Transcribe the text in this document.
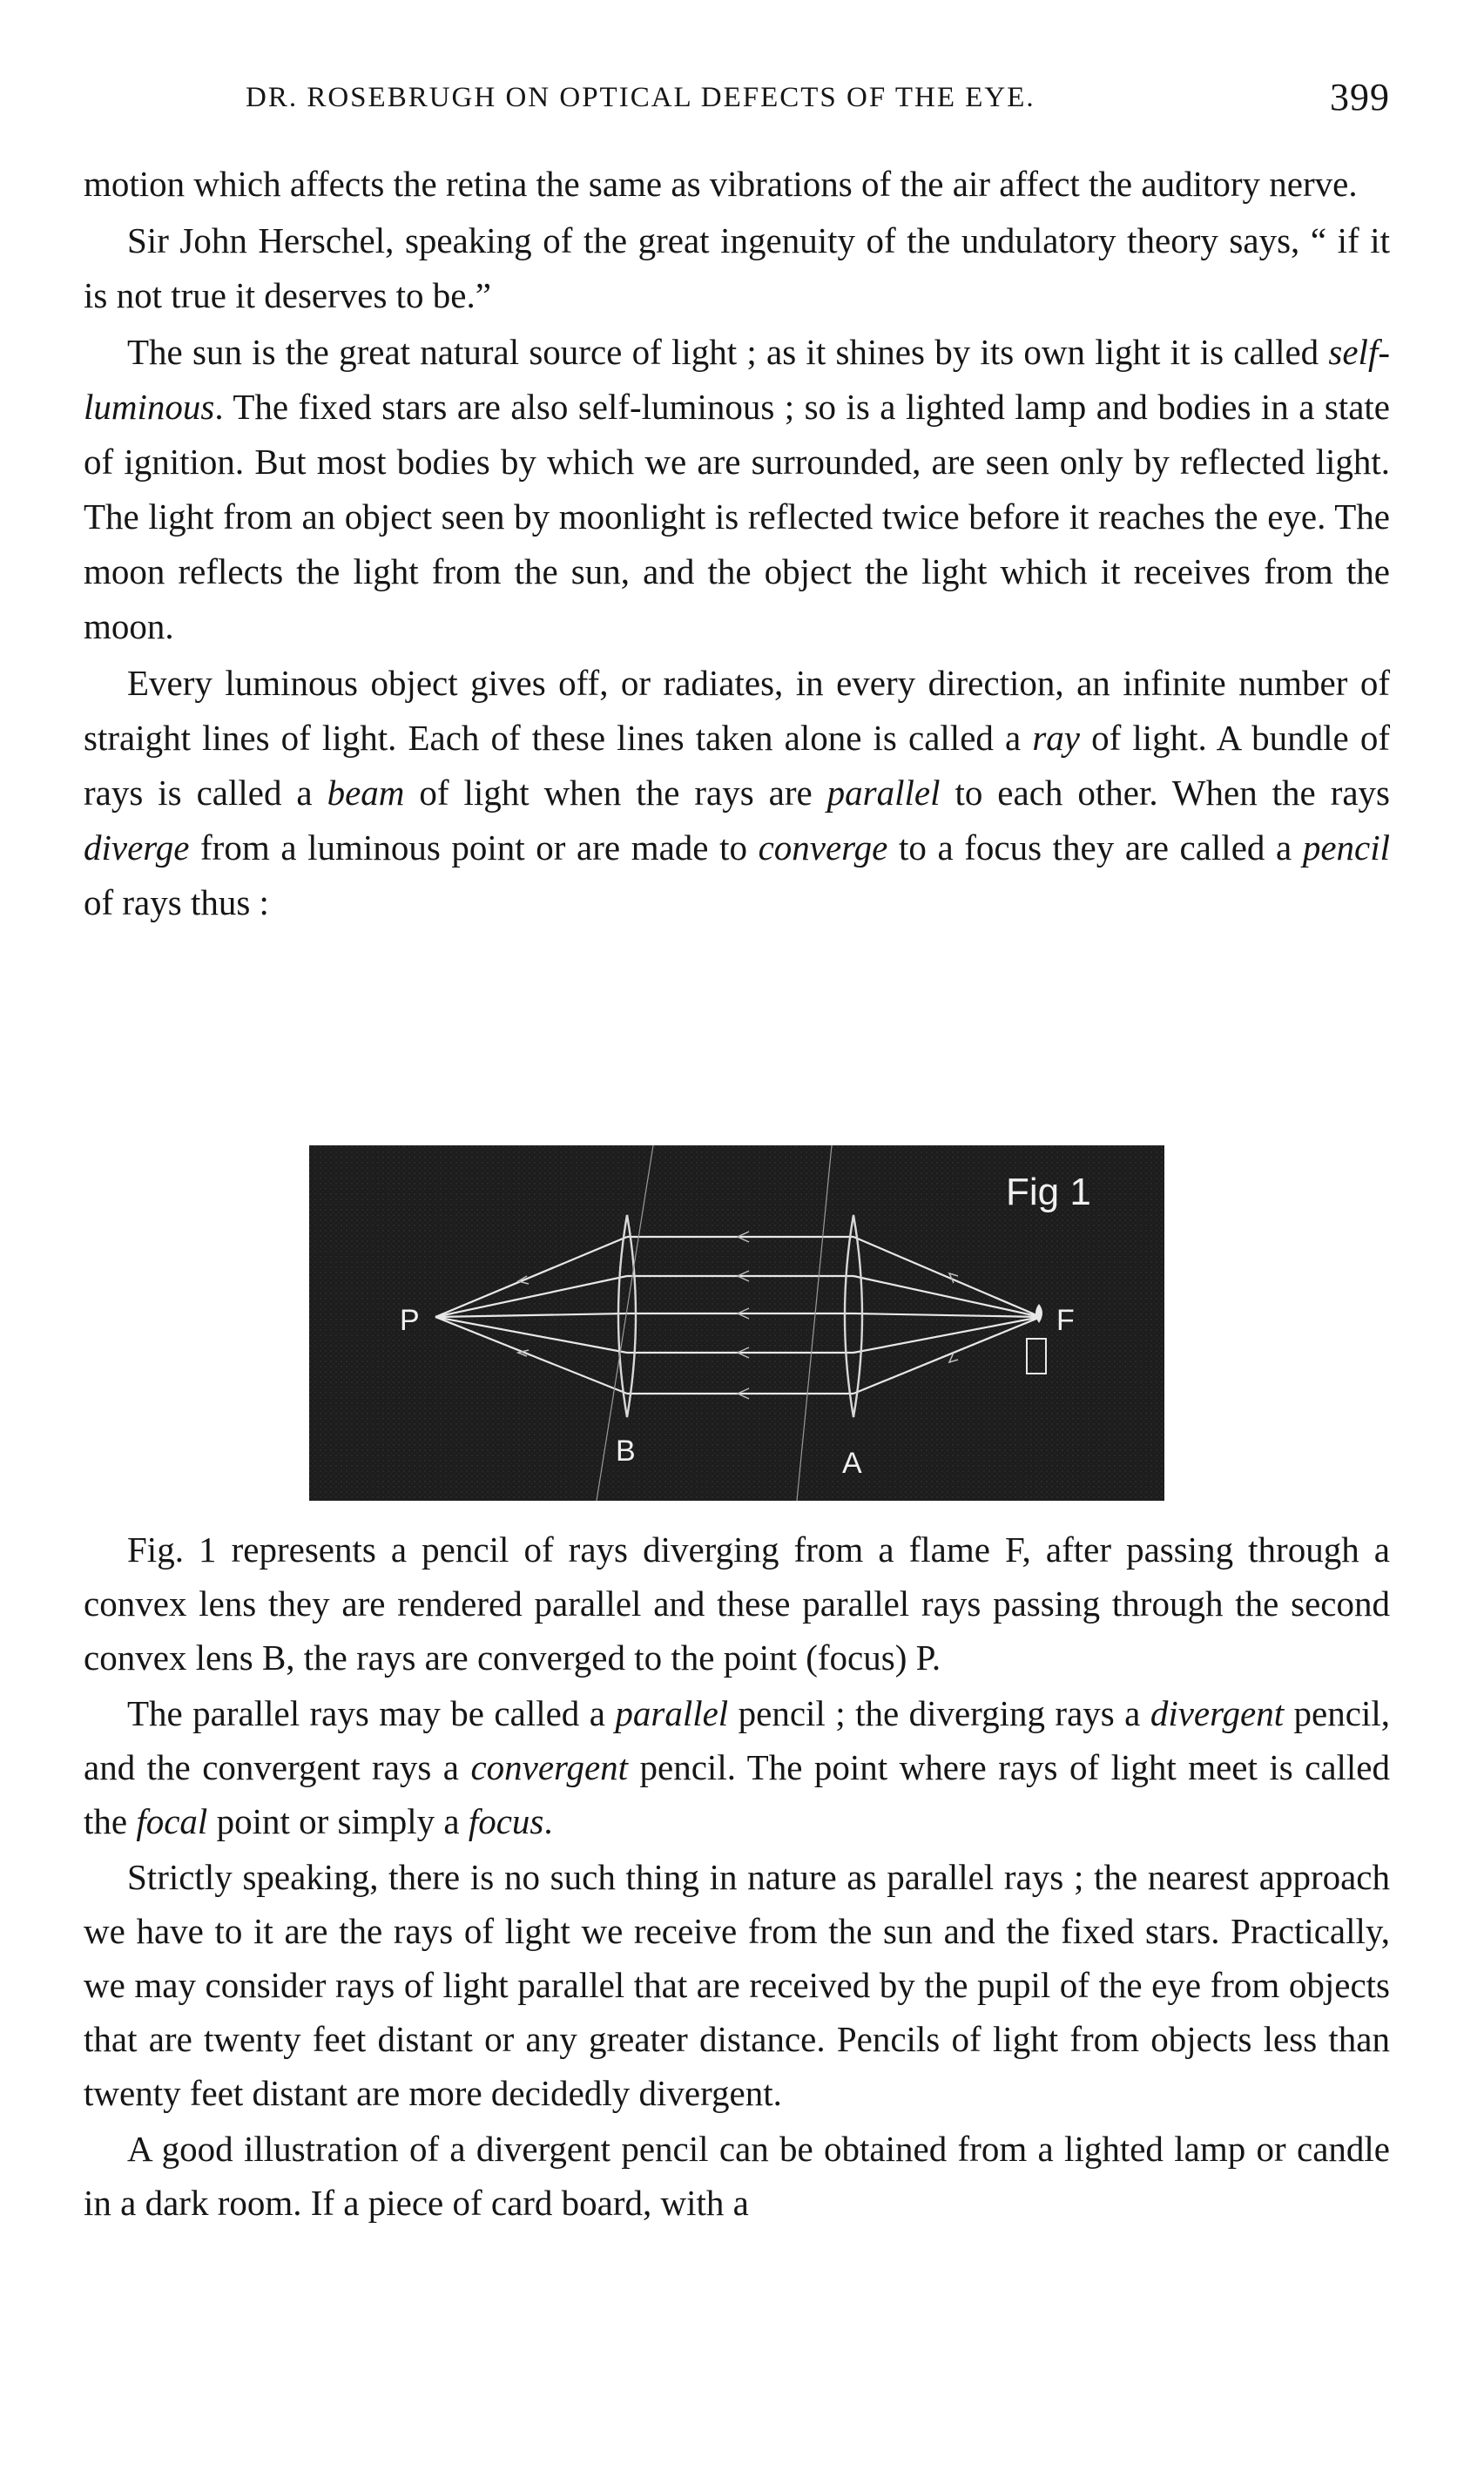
DR. ROSEBRUGH ON OPTICAL DEFECTS OF THE EYE.	399

motion which affects the retina the same as vibrations of the air affect the auditory nerve.

Sir John Herschel, speaking of the great ingenuity of the undulatory theory says, “ if it is not true it deserves to be.”

The sun is the great natural source of light ; as it shines by its own light it is called self-luminous. The fixed stars are also self-luminous ; so is a lighted lamp and bodies in a state of ignition. But most bodies by which we are surrounded, are seen only by reflected light. The light from an object seen by moonlight is reflected twice before it reaches the eye. The moon reflects the light from the sun, and the object the light which it receives from the moon.

Every luminous object gives off, or radiates, in every direction, an infinite number of straight lines of light. Each of these lines taken alone is called a ray of light. A bundle of rays is called a beam of light when the rays are parallel to each other. When the rays diverge from a luminous point or are made to converge to a focus they are called a pencil of rays thus :

Fig 1
P	F
B	A

Fig. 1 represents a pencil of rays diverging from a flame F, after passing through a convex lens they are rendered parallel and these parallel rays passing through the second convex lens B, the rays are converged to the point (focus) P.

The parallel rays may be called a parallel pencil ; the diverging rays a divergent pencil, and the convergent rays a convergent pencil. The point where rays of light meet is called the focal point or simply a focus.

Strictly speaking, there is no such thing in nature as parallel rays ; the nearest approach we have to it are the rays of light we receive from the sun and the fixed stars. Practically, we may consider rays of light parallel that are received by the pupil of the eye from objects that are twenty feet distant or any greater distance. Pencils of light from objects less than twenty feet distant are more decidedly divergent.

A good illustration of a divergent pencil can be obtained from a lighted lamp or candle in a dark room. If a piece of card board, with a
